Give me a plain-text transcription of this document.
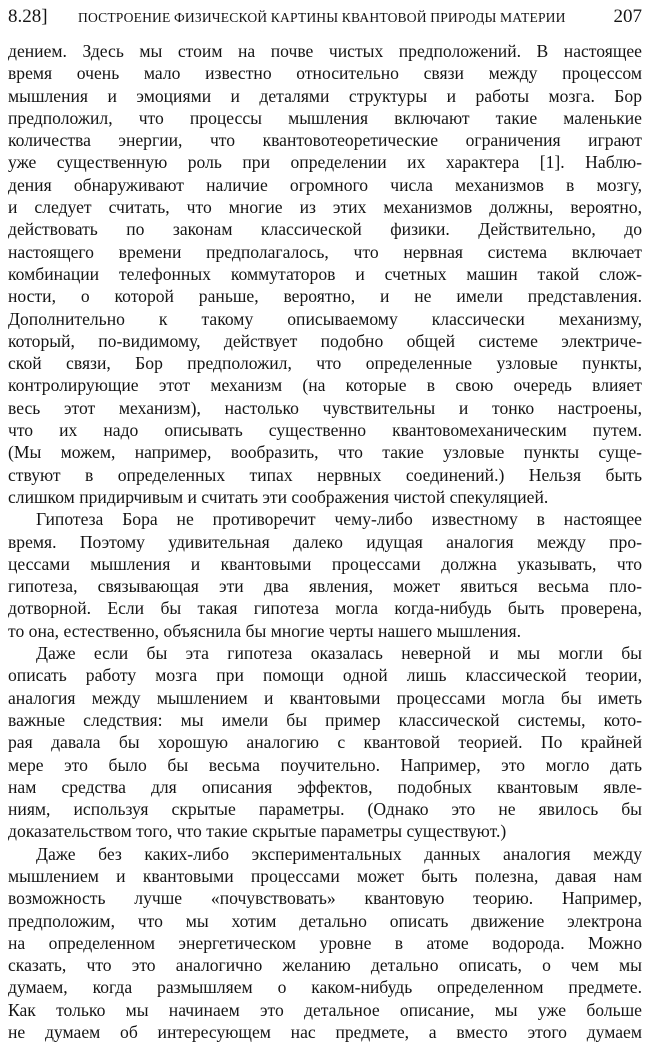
8.28] ПОСТРОЕНИЕ ФИЗИЧЕСКОЙ КАРТИНЫ КВАНТОВОЙ ПРИРОДЫ МАТЕРИИ	207
дением. Здесь мы стоим на почве чистых предположений. В настоящее
время очень мало известно относительно связи между процессом
мышления и эмоциями и деталями структуры и работы мозга. Бор
предположил, что процессы мышления включают такие маленькие
количества энергии, что квантовотеоретические ограничения играют
уже существенную роль при определении их характера [1]. Наблю-
дения обнаруживают наличие огромного числа механизмов в мозгу,
и следует считать, что многие из этих механизмов должны, вероятно,
действовать по законам классической физики. Действительно, до
настоящего времени предполагалось, что нервная система включает
комбинации телефонных коммутаторов и счетных машин такой слож-
ности, о которой раньше, вероятно, и не имели представления.
Дополнительно к такому описываемому классически механизму,
который, по-видимому, действует подобно общей системе электриче-
ской связи, Бор предположил, что определенные узловые пункты,
контролирующие этот механизм (на которые в свою очередь влияет
весь этот механизм), настолько чувствительны и тонко настроены,
что их надо описывать существенно квантовомеханическим путем.
(Мы можем, например, вообразить, что такие узловые пункты суще-
ствуют в определенных типах нервных соединений.) Нельзя быть
слишком придирчивым и считать эти соображения чистой спекуляцией.
Гипотеза Бора не противоречит чему-либо известному в настоящее
время. Поэтому удивительная далеко идущая аналогия между про-
цессами мышления и квантовыми процессами должна указывать, что
гипотеза, связывающая эти два явления, может явиться весьма пло-
дотворной. Если бы такая гипотеза могла когда-нибудь быть проверена,
то она, естественно, объяснила бы многие черты нашего мышления.
Даже если бы эта гипотеза оказалась неверной и мы могли бы
описать работу мозга при помощи одной лишь классической теории,
аналогия между мышлением и квантовыми процессами могла бы иметь
важные следствия: мы имели бы пример классической системы, кото-
рая давала бы хорошую аналогию с квантовой теорией. По крайней
мере это было бы весьма поучительно. Например, это могло дать
нам средства для описания эффектов, подобных квантовым явле-
ниям, используя скрытые параметры. (Однако это не явилось бы
доказательством того, что такие скрытые параметры существуют.)
Даже без каких-либо экспериментальных данных аналогия между
мышлением и квантовыми процессами может быть полезна, давая нам
возможность лучше «почувствовать» квантовую теорию. Например,
предположим, что мы хотим детально описать движение электрона
на определенном энергетическом уровне в атоме водорода. Можно
сказать, что это аналогично желанию детально описать, о чем мы
думаем, когда размышляем о каком-нибудь определенном предмете.
Как только мы начинаем это детальное описание, мы уже больше
не думаем об интересующем нас предмете, а вместо этого думаем
